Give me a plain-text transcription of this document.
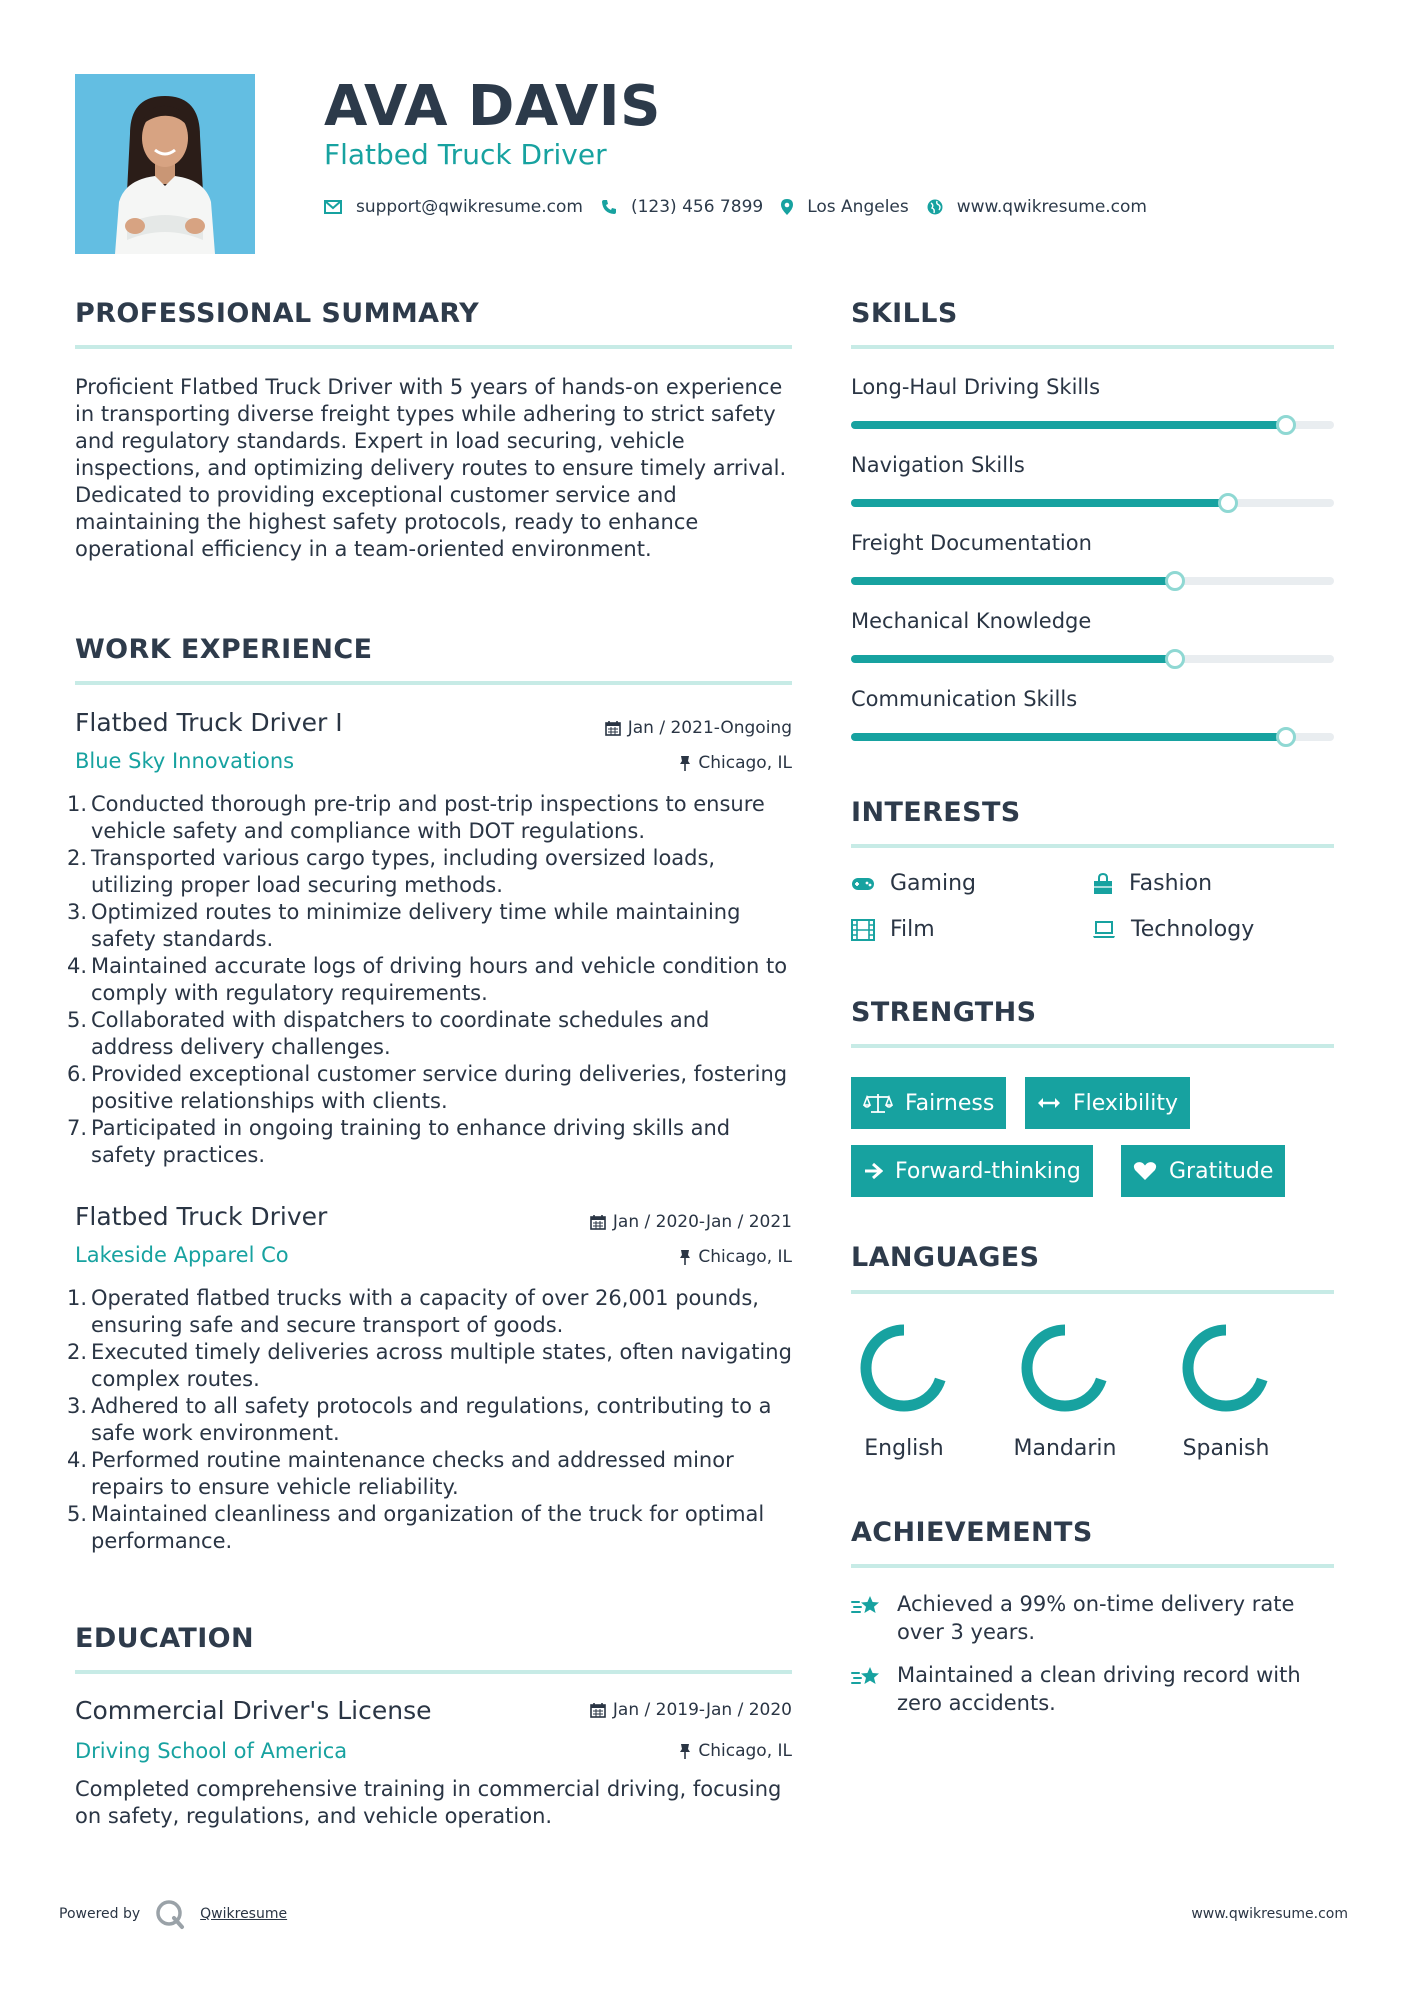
AVA DAVIS
Flatbed Truck Driver
support@qwikresume.com	(123) 456 7899	Los Angeles	www.qwikresume.com
PROFESSIONAL SUMMARY
Proficient Flatbed Truck Driver with 5 years of hands-on experience in transporting diverse freight types while adhering to strict safety and regulatory standards. Expert in load securing, vehicle inspections, and optimizing delivery routes to ensure timely arrival. Dedicated to providing exceptional customer service and maintaining the highest safety protocols, ready to enhance operational efficiency in a team-oriented environment.
WORK EXPERIENCE
Flatbed Truck Driver I	Jan / 2021-Ongoing
Blue Sky Innovations	Chicago, IL
1. Conducted thorough pre-trip and post-trip inspections to ensure vehicle safety and compliance with DOT regulations.
2. Transported various cargo types, including oversized loads, utilizing proper load securing methods.
3. Optimized routes to minimize delivery time while maintaining safety standards.
4. Maintained accurate logs of driving hours and vehicle condition to comply with regulatory requirements.
5. Collaborated with dispatchers to coordinate schedules and address delivery challenges.
6. Provided exceptional customer service during deliveries, fostering positive relationships with clients.
7. Participated in ongoing training to enhance driving skills and safety practices.
Flatbed Truck Driver	Jan / 2020-Jan / 2021
Lakeside Apparel Co	Chicago, IL
1. Operated flatbed trucks with a capacity of over 26,001 pounds, ensuring safe and secure transport of goods.
2. Executed timely deliveries across multiple states, often navigating complex routes.
3. Adhered to all safety protocols and regulations, contributing to a safe work environment.
4. Performed routine maintenance checks and addressed minor repairs to ensure vehicle reliability.
5. Maintained cleanliness and organization of the truck for optimal performance.
EDUCATION
Commercial Driver's License	Jan / 2019-Jan / 2020
Driving School of America	Chicago, IL
Completed comprehensive training in commercial driving, focusing on safety, regulations, and vehicle operation.
SKILLS
Long-Haul Driving Skills
Navigation Skills
Freight Documentation
Mechanical Knowledge
Communication Skills
INTERESTS
Gaming	Fashion
Film	Technology
STRENGTHS
Fairness	Flexibility
Forward-thinking	Gratitude
LANGUAGES
English	Mandarin	Spanish
ACHIEVEMENTS
Achieved a 99% on-time delivery rate over 3 years.
Maintained a clean driving record with zero accidents.
Powered by	Qwikresume	www.qwikresume.com
